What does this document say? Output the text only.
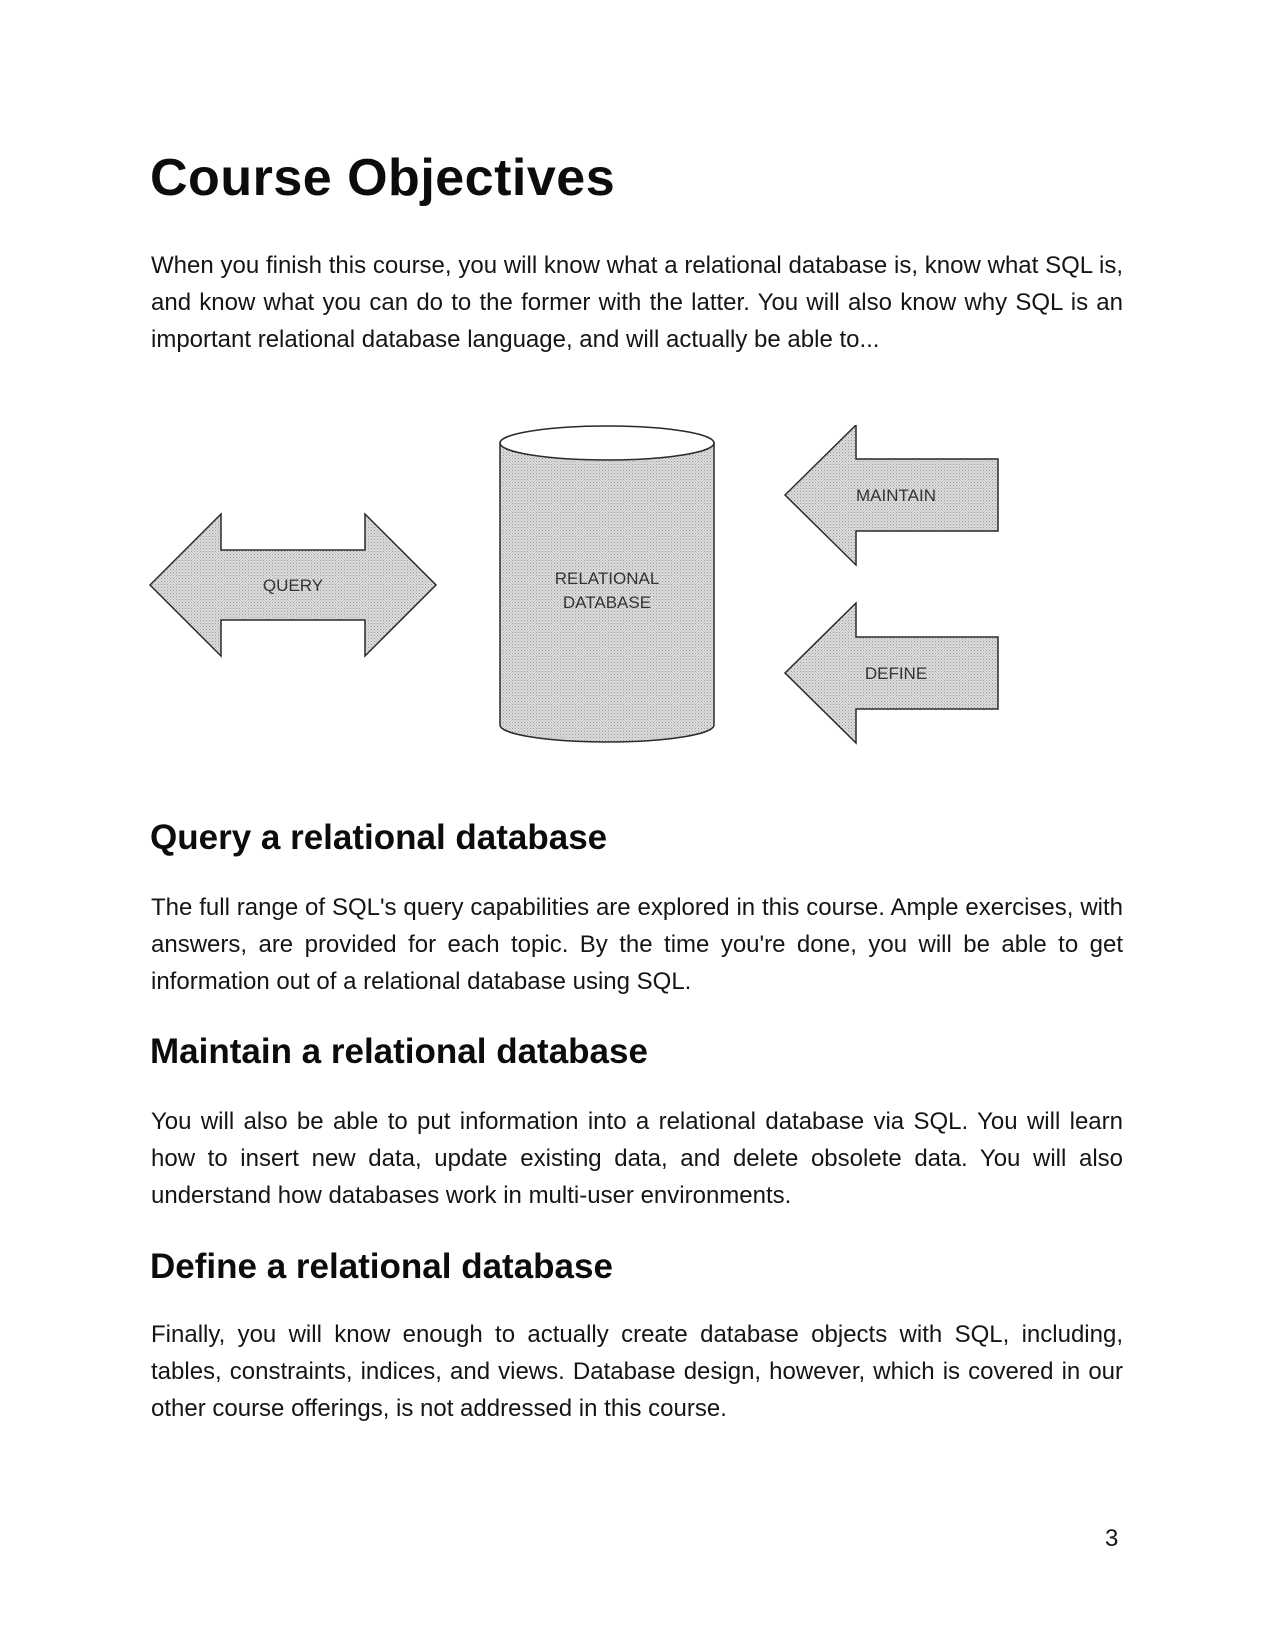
Course Objectives

When you finish this course, you will know what a relational database is, know what SQL is, and know what you can do to the former with the latter. You will also know why SQL is an important relational database language, and will actually be able to...

QUERY	RELATIONAL
DATABASE
MAINTAIN
DEFINE
Query a relational database

The full range of SQL's query capabilities are explored in this course. Ample exercises, with answers, are provided for each topic. By the time you're done, you will be able to get information out of a relational database using SQL.

Maintain a relational database

You will also be able to put information into a relational database via SQL. You will learn how to insert new data, update existing data, and delete obsolete data. You will also understand how databases work in multi-user environments.

Define a relational database

Finally, you will know enough to actually create database objects with SQL, including, tables, constraints, indices, and views. Database design, however, which is covered in our other course offerings, is not addressed in this course.

3
